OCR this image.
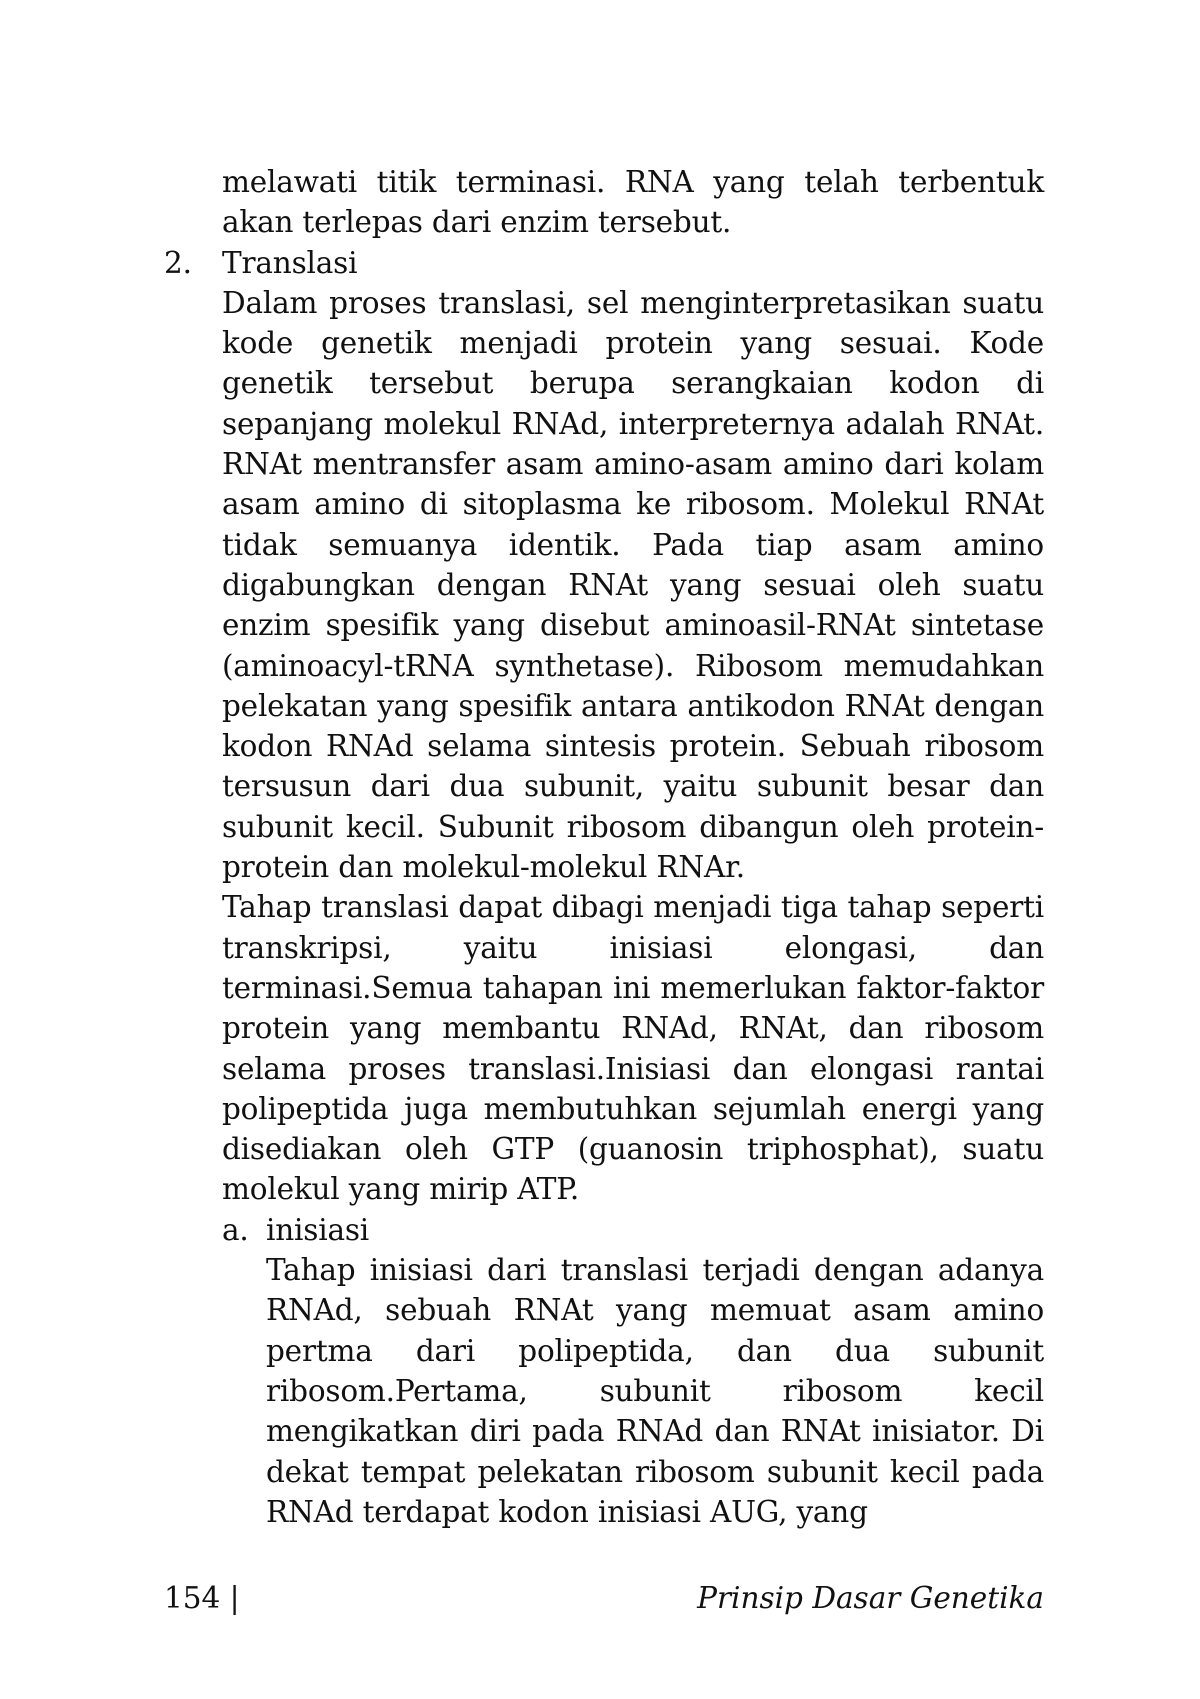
melawati titik terminasi. RNA yang telah terbentuk akan terlepas dari enzim tersebut.

2.	Translasi

Dalam proses translasi, sel menginterpretasikan suatu kode genetik menjadi protein yang sesuai. Kode genetik tersebut berupa serangkaian kodon di sepanjang molekul RNAd, interpreternya adalah RNAt. RNAt mentransfer asam amino-asam amino dari kolam asam amino di sitoplasma ke ribosom. Molekul RNAt tidak semuanya identik. Pada tiap asam amino digabungkan dengan RNAt yang sesuai oleh suatu enzim spesifik yang disebut aminoasil-RNAt sintetase (aminoacyl-tRNA synthetase). Ribosom memudahkan pelekatan yang spesifik antara antikodon RNAt dengan kodon RNAd selama sintesis protein. Sebuah ribosom tersusun dari dua subunit, yaitu subunit besar dan subunit kecil. Subunit ribosom dibangun oleh protein-protein dan molekul-molekul RNAr.

Tahap translasi dapat dibagi menjadi tiga tahap seperti transkripsi, yaitu inisiasi elongasi, dan terminasi.Semua tahapan ini memerlukan faktor-faktor protein yang membantu RNAd, RNAt, dan ribosom selama proses translasi.Inisiasi dan elongasi rantai polipeptida juga membutuhkan sejumlah energi yang disediakan oleh GTP (guanosin triphosphat), suatu molekul yang mirip ATP.

a. inisiasi

Tahap inisiasi dari translasi terjadi dengan adanya RNAd, sebuah RNAt yang memuat asam amino pertma dari polipeptida, dan dua subunit ribosom.Pertama, subunit ribosom kecil mengikatkan diri pada RNAd dan RNAt inisiator. Di dekat tempat pelekatan ribosom subunit kecil pada RNAd terdapat kodon inisiasi AUG, yang

154 |	Prinsip Dasar Genetika
